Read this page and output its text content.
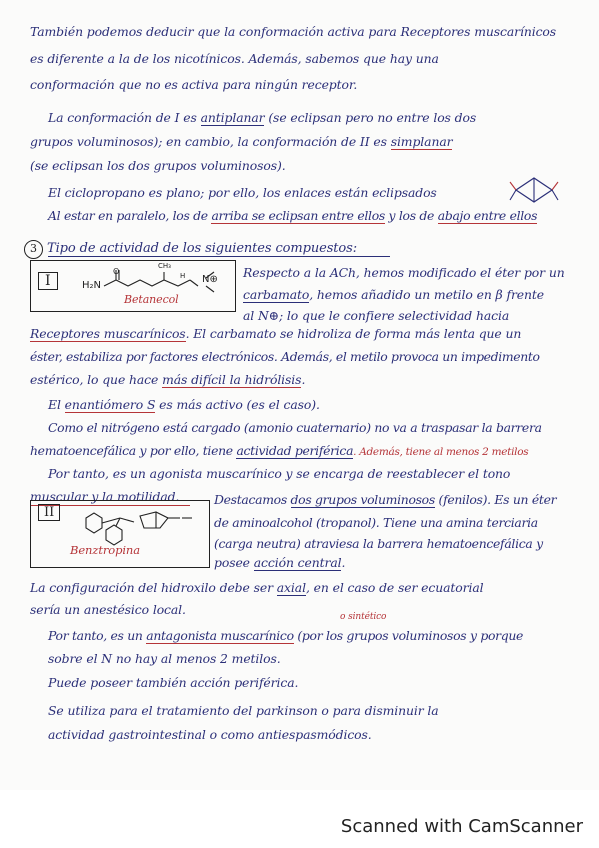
También podemos deducir que la conformación activa para Receptores muscarínicos
es diferente a la de los nicotínicos. Además, sabemos que hay una
conformación que no es activa para ningún receptor.
La conformación de I es antiplanar (se eclipsan pero no entre los dos
grupos voluminosos); en cambio, la conformación de II es simplanar
(se eclipsan los dos grupos voluminosos).
El ciclopropano es plano; por ello, los enlaces están eclipsados
Al estar en paralelo, los de arriba se eclipsan entre ellos y los de abajo entre ellos
3 Tipo de actividad de los siguientes compuestos:
I	H₂N
O
CH₃
H N⊕
Betanecol
Respecto a la ACh, hemos modificado el éter por un
carbamato, hemos añadido un metilo en β frente
al N⊕; lo que le confiere selectividad hacia
Receptores muscarínicos. El carbamato se hidroliza de forma más lenta que un
éster, estabiliza por factores electrónicos. Además, el metilo provoca un impedimento
estérico, lo que hace más difícil la hidrólisis.
El enantiómero S es más activo (es el caso).
Como el nitrógeno está cargado (amonio cuaternario) no va a traspasar la barrera
hematoencefálica y por ello, tiene actividad periférica. Además, tiene al menos 2 metilos
Por tanto, es un agonista muscarínico y se encarga de reestablecer el tono
muscular y la motilidad.
II
Benztropina
Destacamos dos grupos voluminosos (fenilos). Es un éter
de aminoalcohol (tropanol). Tiene una amina terciaria
(carga neutra) atraviesa la barrera hematoencefálica y
posee acción central.
La configuración del hidroxilo debe ser axial, en el caso de ser ecuatorial
sería un anestésico local.	o sintético
Por tanto, es un antagonista muscarínico (por los grupos voluminosos y porque
sobre el N no hay al menos 2 metilos.
Puede poseer también acción periférica.
Se utiliza para el tratamiento del parkinson o para disminuir la
actividad gastrointestinal o como antiespasmódicos.
Scanned with CamScanner
